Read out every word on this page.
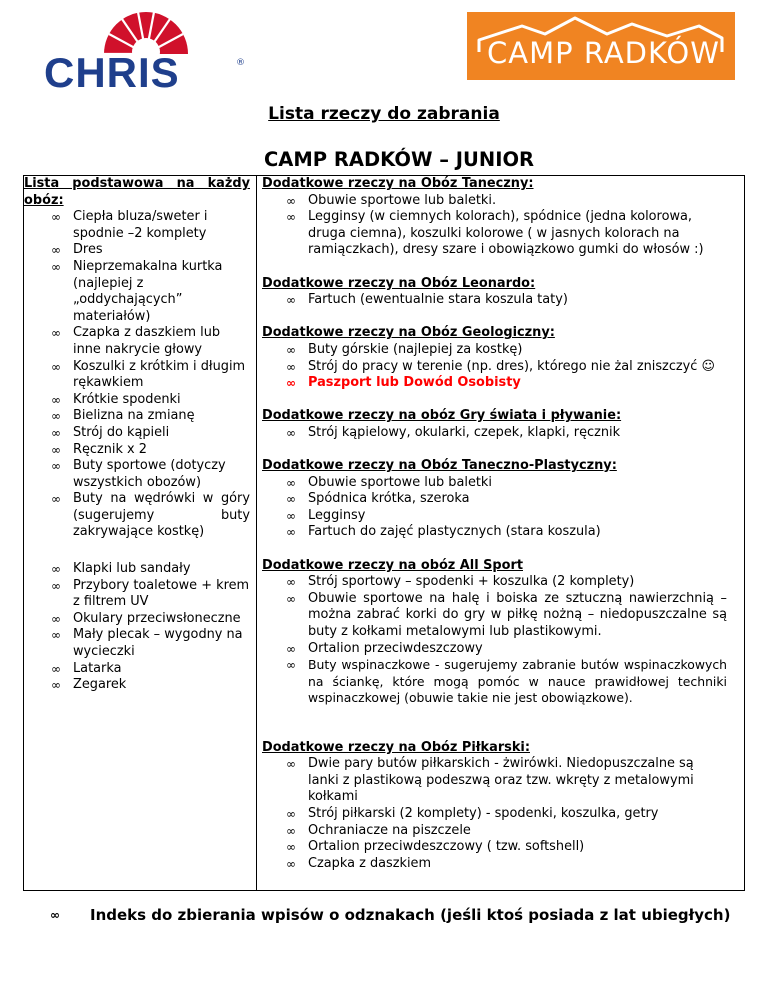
CHRIS	®	CAMP RADKÓW
Lista rzeczy do zabrania
CAMP RADKÓW – JUNIOR
Lista podstawowa na każdy obóz:
∞ Ciepła bluza/sweter i spodnie –2 komplety
∞ Dres
∞ Nieprzemakalna kurtka (najlepiej z „oddychających” materiałów)
∞ Czapka z daszkiem lub inne nakrycie głowy
∞ Koszulki z krótkim i długim rękawkiem
∞ Krótkie spodenki
∞ Bielizna na zmianę
∞ Strój do kąpieli
∞ Ręcznik x 2
∞ Buty sportowe (dotyczy wszystkich obozów)
∞ Buty na wędrówki w góry (sugerujemy buty zakrywające kostkę)
∞ Klapki lub sandały
∞ Przybory toaletowe + krem z filtrem UV
∞ Okulary przeciwsłoneczne
∞ Mały plecak – wygodny na wycieczki
∞ Latarka
∞ Zegarek
Dodatkowe rzeczy na Obóz Taneczny:
∞ Obuwie sportowe lub baletki.
∞ Legginsy (w ciemnych kolorach), spódnice (jedna kolorowa, druga ciemna), koszulki kolorowe ( w jasnych kolorach na ramiączkach), dresy szare i obowiązkowo gumki do włosów :)
Dodatkowe rzeczy na Obóz Leonardo:
∞ Fartuch (ewentualnie stara koszula taty)
Dodatkowe rzeczy na Obóz Geologiczny:
∞ Buty górskie (najlepiej za kostkę)
∞ Strój do pracy w terenie (np. dres), którego nie żal zniszczyć ☺
∞ Paszport lub Dowód Osobisty
Dodatkowe rzeczy na obóz Gry świata i pływanie:
∞ Strój kąpielowy, okularki, czepek, klapki, ręcznik
Dodatkowe rzeczy na Obóz Taneczno-Plastyczny:
∞ Obuwie sportowe lub baletki
∞ Spódnica krótka, szeroka
∞ Legginsy
∞ Fartuch do zajęć plastycznych (stara koszula)
Dodatkowe rzeczy na obóz All Sport
∞ Strój sportowy – spodenki + koszulka (2 komplety)
∞ Obuwie sportowe na halę i boiska ze sztuczną nawierzchnią – można zabrać korki do gry w piłkę nożną – niedopuszczalne są buty z kołkami metalowymi lub plastikowymi.
∞ Ortalion przeciwdeszczowy
∞ Buty wspinaczkowe - sugerujemy zabranie butów wspinaczkowych na ściankę, które mogą pomóc w nauce prawidłowej techniki wspinaczkowej (obuwie takie nie jest obowiązkowe).
Dodatkowe rzeczy na Obóz Piłkarski:
∞ Dwie pary butów piłkarskich - żwirówki. Niedopuszczalne są lanki z plastikową podeszwą oraz tzw. wkręty z metalowymi kołkami
∞ Strój piłkarski (2 komplety) - spodenki, koszulka, getry
∞ Ochraniacze na piszczele
∞ Ortalion przeciwdeszczowy ( tzw. softshell)
∞ Czapka z daszkiem
∞ Indeks do zbierania wpisów o odznakach (jeśli ktoś posiada z lat ubiegłych)
